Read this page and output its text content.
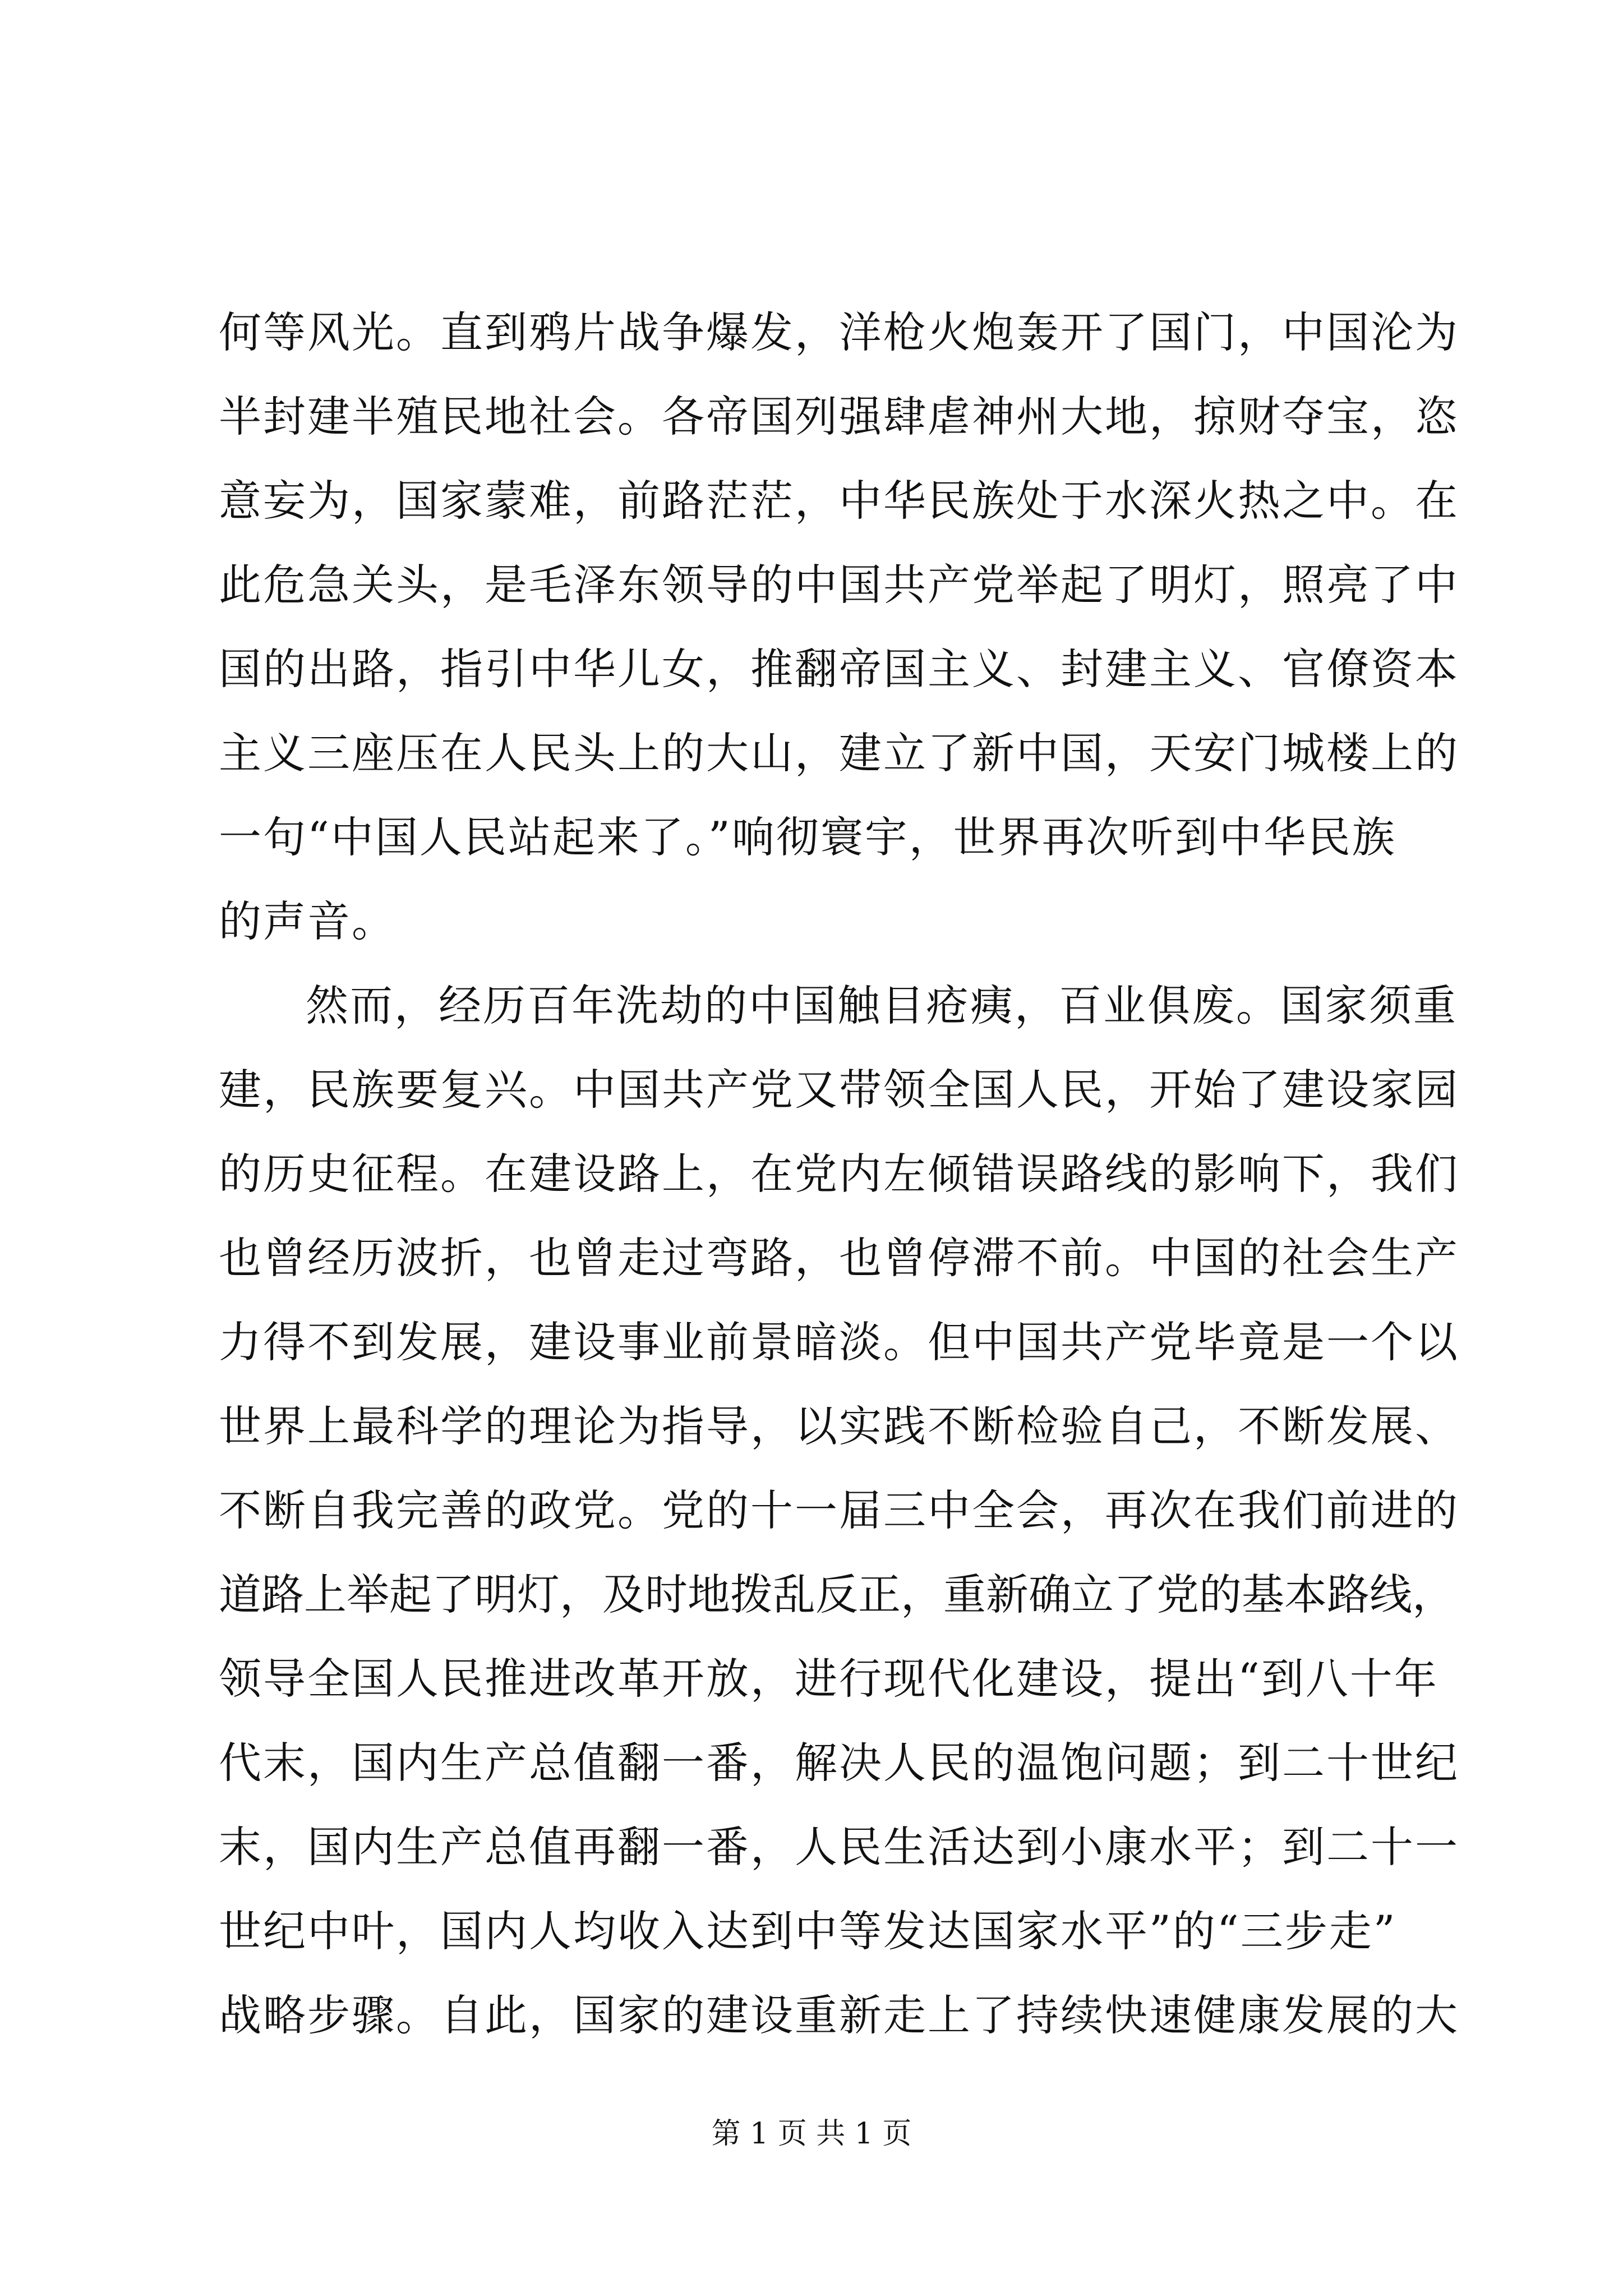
何等风光。直到鸦片战争爆发，洋枪火炮轰开了国门，中国沦为
半封建半殖民地社会。各帝国列强肆虐神州大地，掠财夺宝，恣
意妄为，国家蒙难，前路茫茫，中华民族处于水深火热之中。在
此危急关头，是毛泽东领导的中国共产党举起了明灯，照亮了中
国的出路，指引中华儿女，推翻帝国主义、封建主义、官僚资本
主义三座压在人民头上的大山，建立了新中国，天安门城楼上的
一句“中国人民站起来了。”响彻寰宇，世界再次听到中华民族
的声音。
然而，经历百年洗劫的中国触目疮痍，百业俱废。国家须重
建，民族要复兴。中国共产党又带领全国人民，开始了建设家园
的历史征程。在建设路上，在党内左倾错误路线的影响下，我们
也曾经历波折，也曾走过弯路，也曾停滞不前。中国的社会生产
力得不到发展，建设事业前景暗淡。但中国共产党毕竟是一个以
世界上最科学的理论为指导，以实践不断检验自己，不断发展、
不断自我完善的政党。党的十一届三中全会，再次在我们前进的
道路上举起了明灯，及时地拨乱反正，重新确立了党的基本路线，
领导全国人民推进改革开放，进行现代化建设，提出“到八十年
代末，国内生产总值翻一番，解决人民的温饱问题；到二十世纪
末，国内生产总值再翻一番，人民生活达到小康水平；到二十一
世纪中叶，国内人均收入达到中等发达国家水平”的“三步走”
战略步骤。自此，国家的建设重新走上了持续快速健康发展的大
第 1 页 共 1 页
